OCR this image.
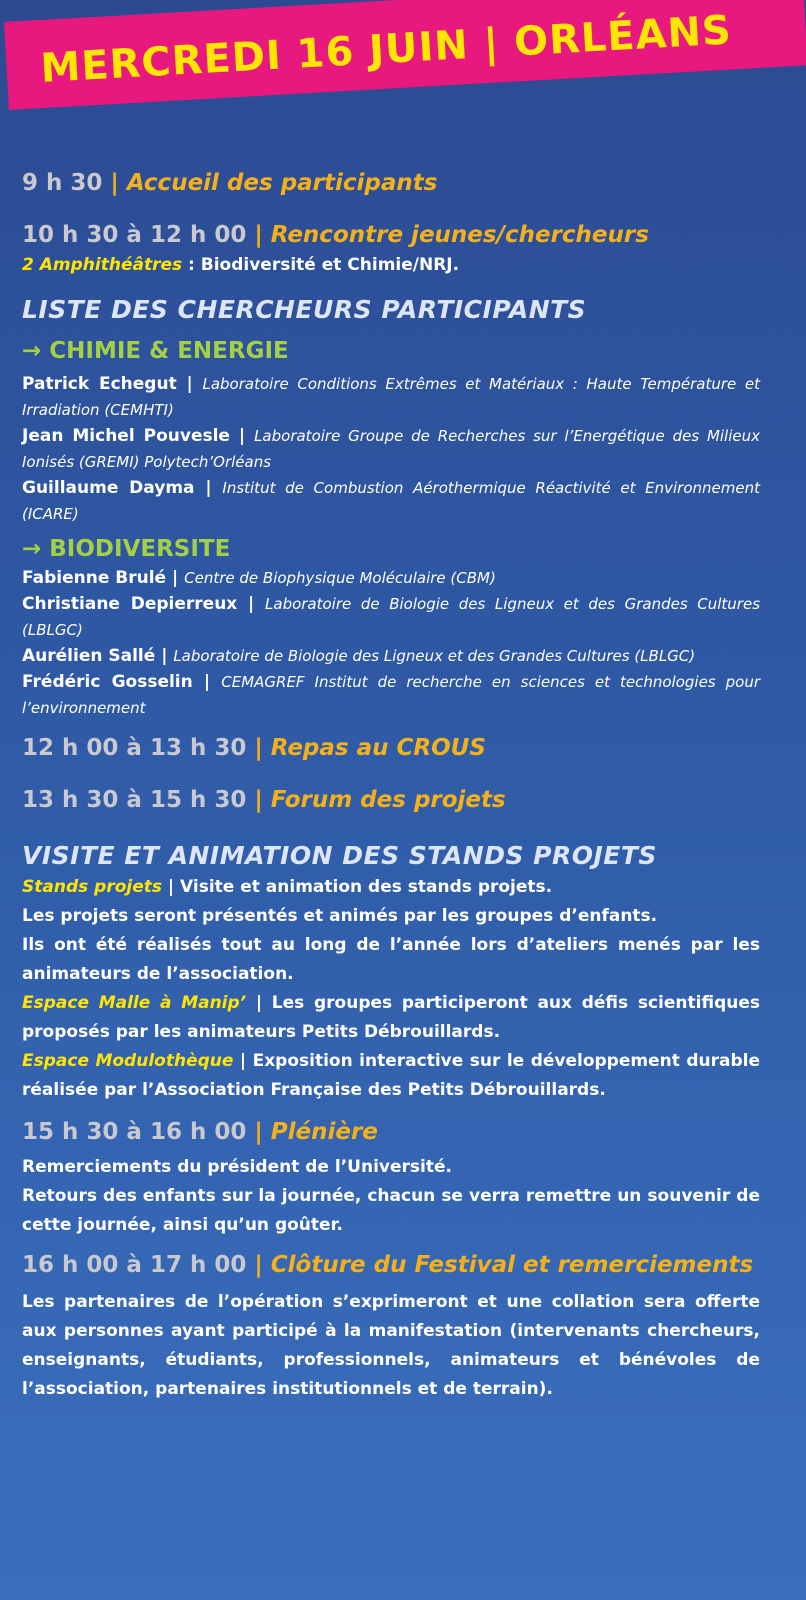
MERCREDI 16 JUIN | ORLÉANS

9 h 30 | Accueil des participants

10 h 30 à 12 h 00 | Rencontre jeunes/chercheurs

2 Amphithéâtres : Biodiversité et Chimie/NRJ.

LISTE DES CHERCHEURS PARTICIPANTS

→ CHIMIE & ENERGIE
Patrick Echegut | Laboratoire Conditions Extrêmes et Matériaux : Haute Température et Irradiation (CEMHTI)
Jean Michel Pouvesle | Laboratoire Groupe de Recherches sur l’Energétique des Milieux Ionisés (GREMI) Polytech’Orléans
Guillaume Dayma | Institut de Combustion Aérothermique Réactivité et Environnement (ICARE)
→ BIODIVERSITE
Fabienne Brulé | Centre de Biophysique Moléculaire (CBM)
Christiane Depierreux | Laboratoire de Biologie des Ligneux et des Grandes Cultures (LBLGC)
Aurélien Sallé | Laboratoire de Biologie des Ligneux et des Grandes Cultures (LBLGC)
Frédéric Gosselin | CEMAGREF Institut de recherche en sciences et technologies pour l’environnement

12 h 00 à 13 h 30 | Repas au CROUS

13 h 30 à 15 h 30 | Forum des projets

VISITE ET ANIMATION DES STANDS PROJETS

Stands projets | Visite et animation des stands projets.
Les projets seront présentés et animés par les groupes d’enfants.
Ils ont été réalisés tout au long de l’année lors d’ateliers menés par les animateurs de l’association.
Espace Malle à Manip’ | Les groupes participeront aux défis scientifiques proposés par les animateurs Petits Débrouillards.
Espace Modulothèque | Exposition interactive sur le développement durable réalisée par l’Association Française des Petits Débrouillards.

15 h 30 à 16 h 00 | Plénière

Remerciements du président de l’Université.
Retours des enfants sur la journée, chacun se verra remettre un souvenir de cette journée, ainsi qu’un goûter.

16 h 00 à 17 h 00 | Clôture du Festival et remerciements

Les partenaires de l’opération s’exprimeront et une collation sera offerte aux personnes ayant participé à la manifestation (intervenants chercheurs, enseignants, étudiants, professionnels, animateurs et bénévoles de l’association, partenaires institutionnels et de terrain).
